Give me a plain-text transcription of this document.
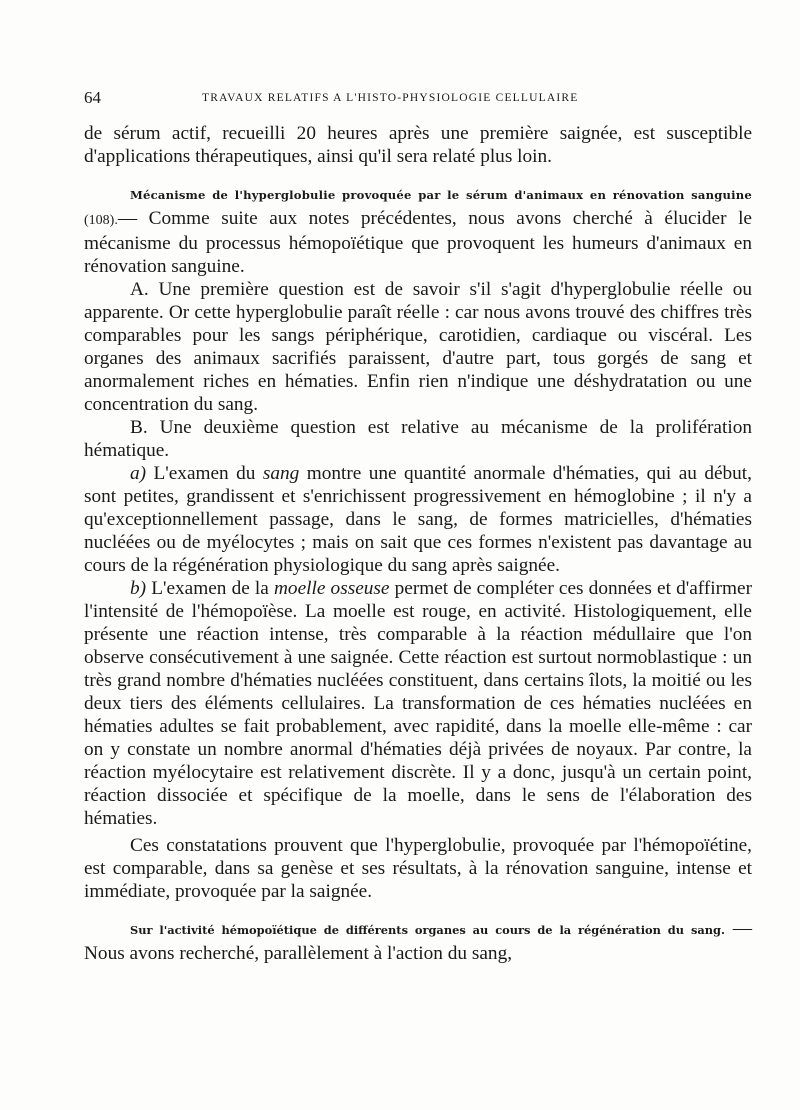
64	TRAVAUX RELATIFS A L'HISTO-PHYSIOLOGIE CELLULAIRE

de sérum actif, recueilli 20 heures après une première saignée, est susceptible d'applications thérapeutiques, ainsi qu'il sera relaté plus loin.

Mécanisme de l'hyperglobulie provoquée par le sérum d'animaux en rénovation sanguine (108).— Comme suite aux notes précédentes, nous avons cherché à élucider le mécanisme du processus hémopoïétique que provoquent les humeurs d'animaux en rénovation sanguine.

A. Une première question est de savoir s'il s'agit d'hyperglobulie réelle ou apparente. Or cette hyperglobulie paraît réelle : car nous avons trouvé des chiffres très comparables pour les sangs périphérique, carotidien, cardiaque ou viscéral. Les organes des animaux sacrifiés paraissent, d'autre part, tous gorgés de sang et anormalement riches en hématies. Enfin rien n'indique une déshydratation ou une concentration du sang.

B. Une deuxième question est relative au mécanisme de la prolifération hématique.

a) L'examen du sang montre une quantité anormale d'hématies, qui au début, sont petites, grandissent et s'enrichissent progressivement en hémoglobine ; il n'y a qu'exceptionnellement passage, dans le sang, de formes matricielles, d'hématies nucléées ou de myélocytes ; mais on sait que ces formes n'existent pas davantage au cours de la régénération physiologique du sang après saignée.

b) L'examen de la moelle osseuse permet de compléter ces données et d'affirmer l'intensité de l'hémopoïèse. La moelle est rouge, en activité. Histologiquement, elle présente une réaction intense, très comparable à la réaction médullaire que l'on observe consécutivement à une saignée. Cette réaction est surtout normoblastique : un très grand nombre d'hématies nucléées constituent, dans certains îlots, la moitié ou les deux tiers des éléments cellulaires. La transformation de ces hématies nucléées en hématies adultes se fait probablement, avec rapidité, dans la moelle elle-même : car on y constate un nombre anormal d'hématies déjà privées de noyaux. Par contre, la réaction myélocytaire est relativement discrète. Il y a donc, jusqu'à un certain point, réaction dissociée et spécifique de la moelle, dans le sens de l'élaboration des hématies.

Ces constatations prouvent que l'hyperglobulie, provoquée par l'hémopoïétine, est comparable, dans sa genèse et ses résultats, à la rénovation sanguine, intense et immédiate, provoquée par la saignée.

Sur l'activité hémopoïétique de différents organes au cours de la régénération du sang. — Nous avons recherché, parallèlement à l'action du sang,
